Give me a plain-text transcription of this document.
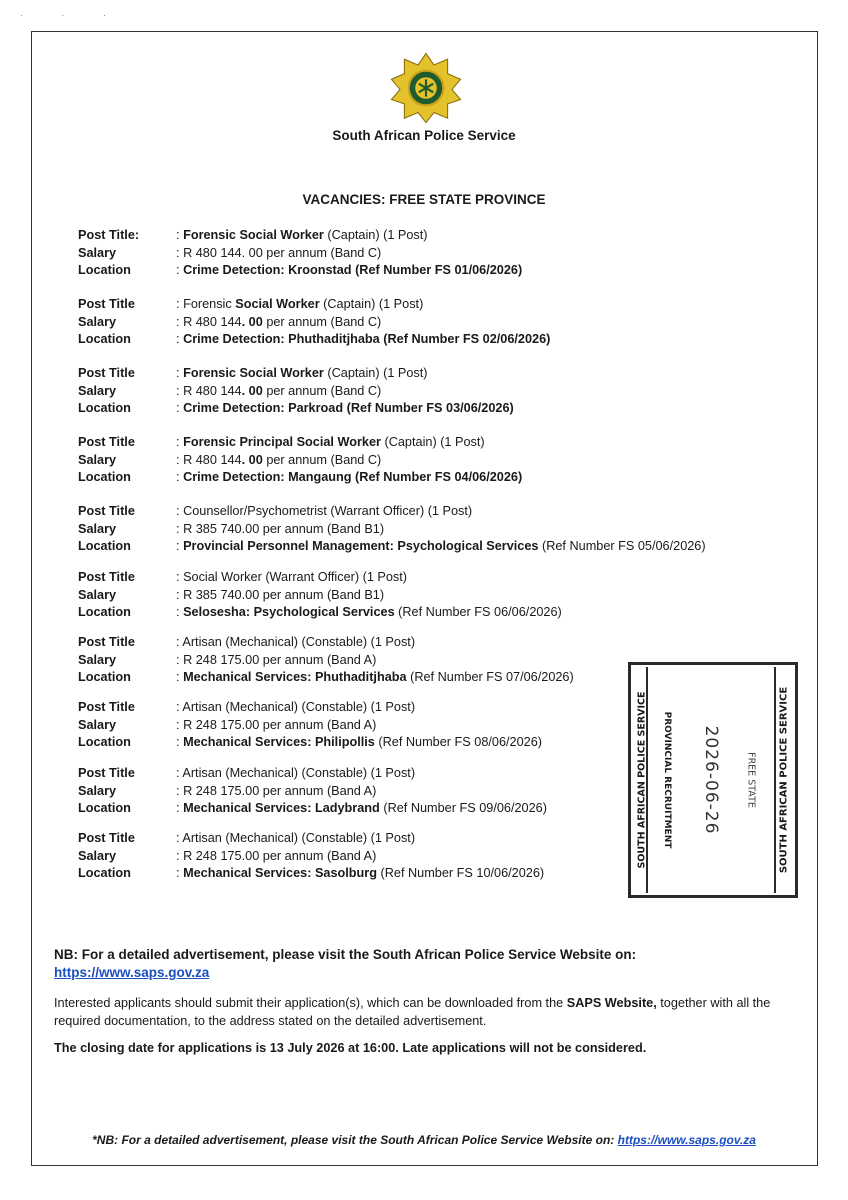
· · ·
South African Police Service
VACANCIES: FREE STATE PROVINCE
Post Title:	: Forensic Social Worker (Captain) (1 Post)
Salary	: R 480 144. 00 per annum (Band C)
Location	: Crime Detection: Kroonstad (Ref Number FS 01/06/2026)
Post Title	: Forensic Social Worker (Captain) (1 Post)
Salary	: R 480 144. 00 per annum (Band C)
Location	: Crime Detection: Phuthaditjhaba (Ref Number FS 02/06/2026)
Post Title	: Forensic Social Worker (Captain) (1 Post)
Salary	: R 480 144. 00 per annum (Band C)
Location	: Crime Detection: Parkroad (Ref Number FS 03/06/2026)
Post Title	: Forensic Principal Social Worker (Captain) (1 Post)
Salary	: R 480 144. 00 per annum (Band C)
Location	: Crime Detection: Mangaung (Ref Number FS 04/06/2026)
Post Title	: Counsellor/Psychometrist (Warrant Officer) (1 Post)
Salary	: R 385 740.00 per annum (Band B1)
Location	: Provincial Personnel Management: Psychological Services (Ref Number FS 05/06/2026)
Post Title	: Social Worker (Warrant Officer) (1 Post)
Salary	: R 385 740.00 per annum (Band B1)
Location	: Selosesha: Psychological Services (Ref Number FS 06/06/2026)
Post Title	: Artisan (Mechanical) (Constable) (1 Post)
Salary	: R 248 175.00 per annum (Band A)
Location	: Mechanical Services: Phuthaditjhaba (Ref Number FS 07/06/2026)
Post Title	: Artisan (Mechanical) (Constable) (1 Post)
Salary	: R 248 175.00 per annum (Band A)
Location	: Mechanical Services: Philipollis (Ref Number FS 08/06/2026)
Post Title	: Artisan (Mechanical) (Constable) (1 Post)
Salary	: R 248 175.00 per annum (Band A)
Location	: Mechanical Services: Ladybrand (Ref Number FS 09/06/2026)
Post Title	: Artisan (Mechanical) (Constable) (1 Post)
Salary	: R 248 175.00 per annum (Band A)
Location	: Mechanical Services: Sasolburg (Ref Number FS 10/06/2026)
SOUTH AFRICAN POLICE SERVICE PROVINCIAL RECRUITMENT 2026-06-26	FREE STATE SOUTH AFRICAN POLICE SERVICE
NB: For a detailed advertisement, please visit the South African Police Service Website on:
https://www.saps.gov.za
Interested applicants should submit their application(s), which can be downloaded from the SAPS Website, together with all the required documentation, to the address stated on the detailed advertisement.
The closing date for applications is 13 July 2026 at 16:00. Late applications will not be considered.
*NB: For a detailed advertisement, please visit the South African Police Service Website on: https://www.saps.gov.za
